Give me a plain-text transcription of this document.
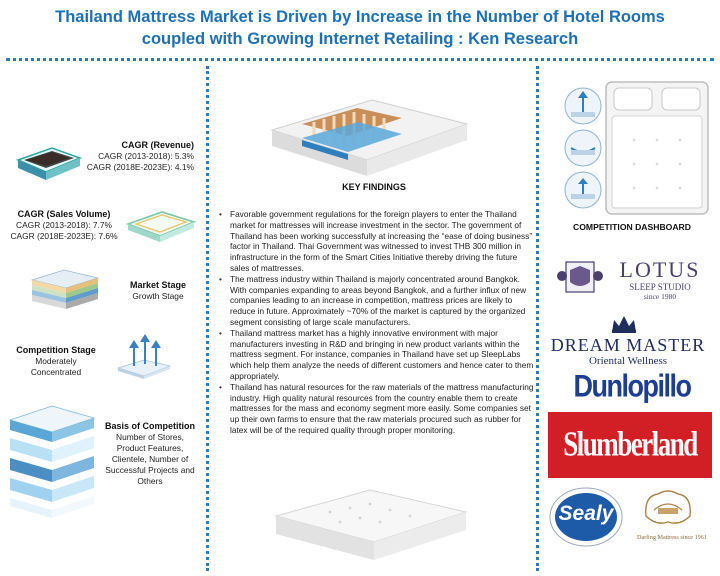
Thailand Mattress Market is Driven by Increase in the Number of Hotel Rooms
coupled with Growing Internet Retailing : Ken Research
CAGR (Revenue)
CAGR (2013-2018): 5.3%
CAGR (2018E-2023E): 4.1%
CAGR (Sales Volume)
CAGR (2013-2018): 7.7%
CAGR (2018E-2023E): 7.6%
Market Stage
Growth Stage
Competition Stage
Moderately
Concentrated
Basis of Competition
Number of Stores,
Product Features,
Clientele, Number of
Successful Projects and
Others
KEY FINDINGS
• Favorable government regulations for the foreign players to enter the Thailand market for mattresses will increase investment in the sector. The government of Thailand has been working successfully at increasing the “ease of doing business” factor in Thailand. Thai Government was witnessed to invest THB 300 million in infrastructure in the form of the Smart Cities Initiative thereby driving the future sales of mattresses.
• The mattress industry within Thailand is majorly concentrated around Bangkok. With companies expanding to areas beyond Bangkok, and a further influx of new companies leading to an increase in competition, mattress prices are likely to reduce in future. Approximately ~70% of the market is captured by the organized segment consisting of large scale manufacturers.
• Thailand mattress market has a highly innovative environment with major manufacturers investing in R&D and bringing in new product variants within the mattress segment. For instance, companies in Thailand have set up SleepLabs which help them analyze the needs of different customers and hence cater to them appropriately.
• Thailand has natural resources for the raw materials of the mattress manufacturing industry. High quality natural resources from the country enable them to create mattresses for the mass and economy segment more easily. Some companies set up their own farms to ensure that the raw materials procured such as rubber for latex will be of the required quality through proper monitoring.
COMPETITION DASHBOARD
LOTUS
SLEEP STUDIO
since 1980
DREAM MASTER
Oriental Wellness
Dunlopillo
Slumberland
Sealy
Darling Mattress since 1961
